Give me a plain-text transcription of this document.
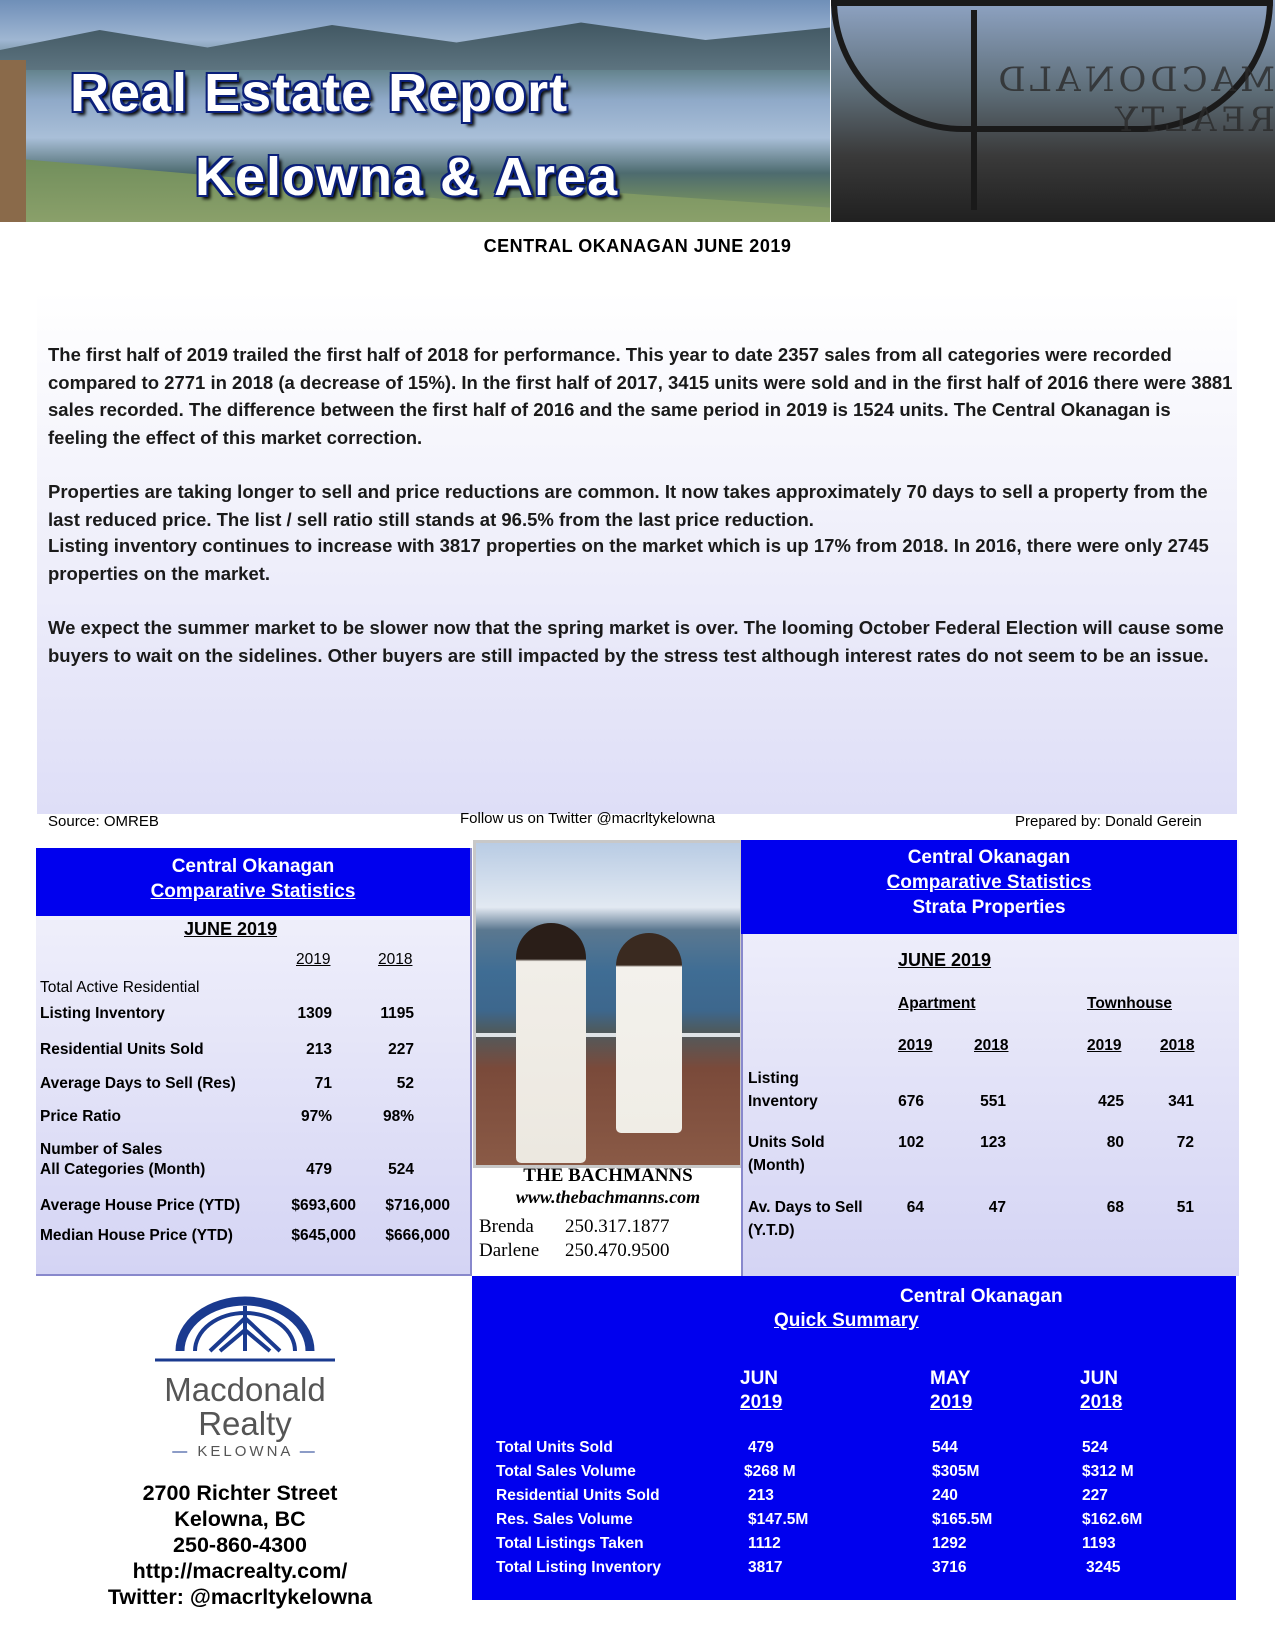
Real Estate Report
Kelowna & Area
MACDONALD REALTY
CENTRAL OKANAGAN JUNE 2019
The first half of 2019 trailed the first half of 2018 for performance. This year to date 2357 sales from all categories were recorded compared to 2771 in 2018 (a decrease of 15%). In the first half of 2017, 3415 units were sold and in the first half of 2016 there were 3881 sales recorded. The difference between the first half of 2016 and the same period in 2019 is 1524 units. The Central Okanagan is feeling the effect of this market correction.
Properties are taking longer to sell and price reductions are common. It now takes approximately 70 days to sell a property from the last reduced price. The list / sell ratio still stands at 96.5% from the last price reduction.
Listing inventory continues to increase with 3817 properties on the market which is up 17% from 2018. In 2016, there were only 2745 properties on the market.
We expect the summer market to be slower now that the spring market is over. The looming October Federal Election will cause some buyers to wait on the sidelines. Other buyers are still impacted by the stress test although interest rates do not seem to be an issue.
Source: OMREB	Follow us on Twitter @macrltykelowna	Prepared by: Donald Gerein
Central Okanagan
Comparative Statistics
JUNE 2019
2019	2018
Total Active Residential
Listing Inventory	1309	1195
Residential Units Sold	213	227
Average Days to Sell (Res)	71	52
Price Ratio	97%	98%
Number of Sales
All Categories (Month)	479	524
Average House Price (YTD)	$693,600	$716,000
Median House Price (YTD)	$645,000	$666,000
THE BACHMANNS
www.thebachmanns.com
Brenda 250.317.1877
Darlene 250.470.9500
Central Okanagan
Comparative Statistics
Strata Properties
JUNE 2019
Apartment	Townhouse
2019	2018	2019 2018
Listing
Inventory	676	551	425	341
Units Sold
(Month)
102	123	80	72
Av. Days to Sell
(Y.T.D)
64	47	68	51
Central Okanagan
Quick Summary
JUN
2019
MAY
2019
JUN
2018
Total Units Sold	479	544	524
Total Sales Volume	$268 M	$305M	$312 M
Residential Units Sold	213	240	227
Res. Sales Volume	$147.5M	$165.5M	$162.6M
Total Listings Taken	1112	1292	1193
Total Listing Inventory	3817	3716	3245
Macdonald
Realty
— KELOWNA —
2700 Richter Street
Kelowna, BC
250-860-4300
http://macrealty.com/
Twitter: @macrltykelowna
